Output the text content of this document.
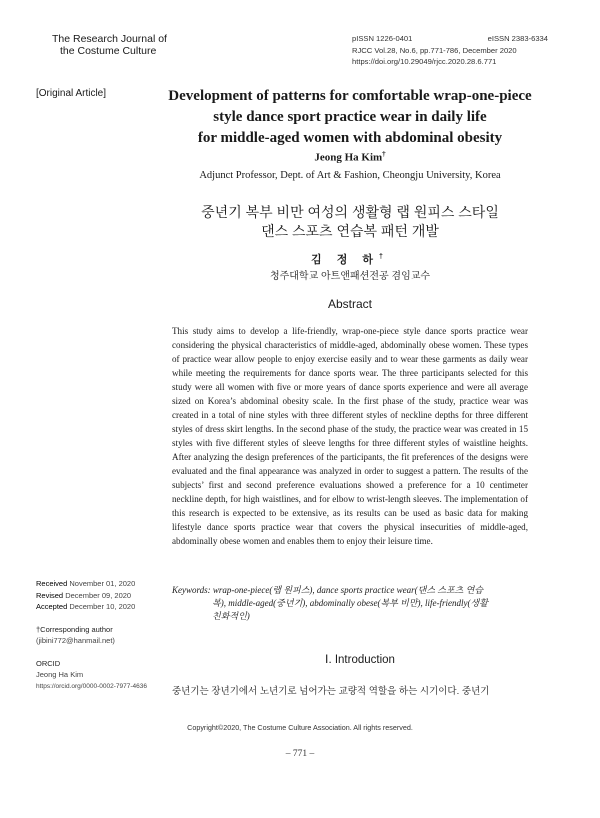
The Research Journal of
the Costume Culture
pISSN 1226-0401	eISSN 2383-6334
RJCC Vol.28, No.6, pp.771-786, December 2020
https://doi.org/10.29049/rjcc.2020.28.6.771
[Original Article]	Development of patterns for comfortable wrap-one-piece
style dance sport practice wear in daily life
for middle-aged women with abdominal obesity
Jeong Ha Kim†
Adjunct Professor, Dept. of Art & Fashion, Cheongju University, Korea
중년기 복부 비만 여성의 생활형 랩 원피스 스타일
댄스 스포츠 연습복 패턴 개발
김 정 하†
청주대학교 아트앤패션전공 겸임교수
Abstract
This study aims to develop a life-friendly, wrap-one-piece style dance sports practice wear considering the physical characteristics of middle-aged, abdominally obese women. These types of practice wear allow people to enjoy exercise easily and to wear these garments as daily wear while meeting the requirements for dance sports wear. The three participants selected for this study were all women with five or more years of dance sports experience and were all average sized on Korea’s abdominal obesity scale. In the first phase of the study, practice wear was created in a total of nine styles with three different styles of neckline depths for three different styles of dress skirt lengths. In the second phase of the study, the practice wear was created in 15 styles with five different styles of sleeve lengths for three different styles of waistline heights. After analyzing the design preferences of the participants, the fit preferences of the designs were evaluated and the final appearance was analyzed in order to suggest a pattern. The results of the subjects’ first and second preference evaluations showed a preference for a 10 centimeter neckline depth, for high waistlines, and for elbow to wrist-length sleeves. The implementation of this research is expected to be extensive, as its results can be used as basic data for making lifestyle dance sports practice wear that covers the physical insecurities of middle-aged, abdominally obese women and enables them to enjoy their leisure time.
Received November 01, 2020
Revised December 09, 2020
Accepted December 10, 2020
†Corresponding author
(jibini772@hanmail.net)
ORCID
Jeong Ha Kim
https://orcid.org/0000-0002-7977-4636
Keywords: wrap-one-piece(랩 원피스), dance sports practice wear(댄스 스포츠 연습
복), middle-aged(중년기), abdominally obese(복부 비만), life-friendly(생활
친화적인)
Ⅰ. Introduction
중년기는 장년기에서 노년기로 넘어가는 교량적 역할을 하는 시기이다. 중년기
Copyright©2020, The Costume Culture Association. All rights reserved.
– 771 –
